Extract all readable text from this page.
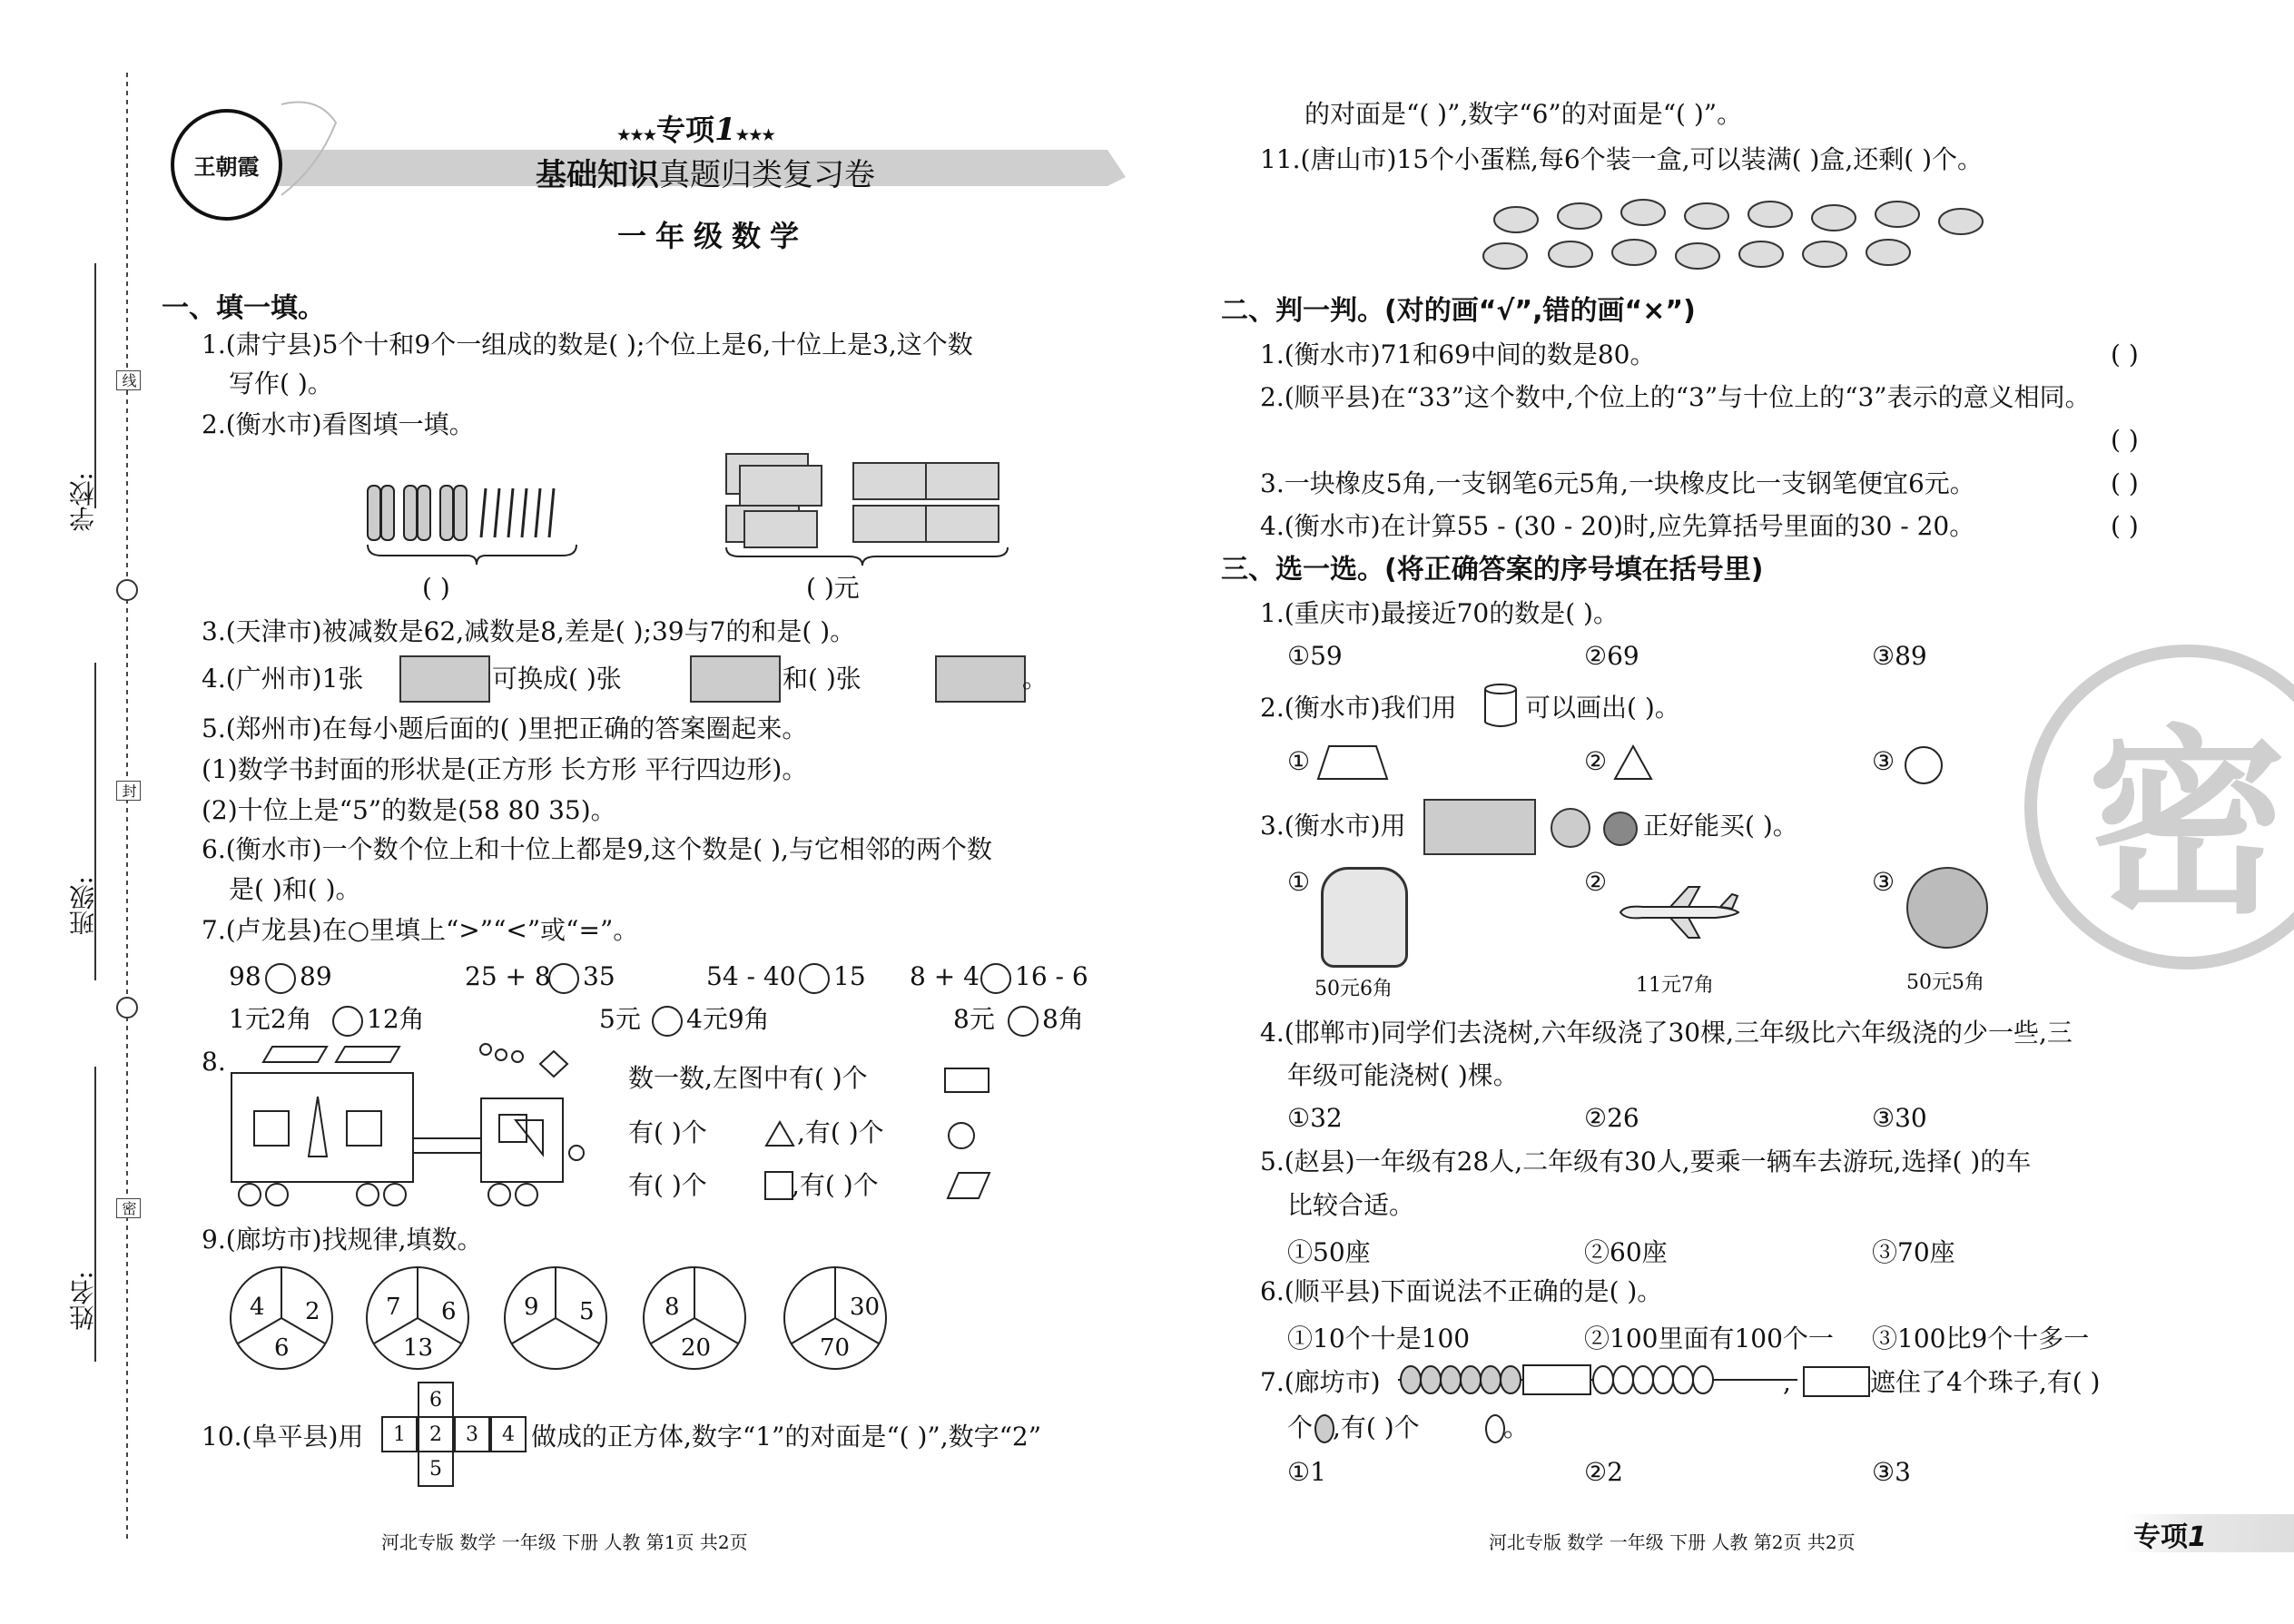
线
封
密
学校:
班级:
姓名:
王朝霞
★★★专项1★★★
基础知识真题归类复习卷
一年级数学
一、填一填。
1.(肃宁县)5个十和9个一组成的数是( );个位上是6,十位上是3,这个数
写作( )。
2.(衡水市)看图填一填。
( )	( )元
3.(天津市)被减数是62,减数是8,差是( );39与7的和是( )。
4.(广州市)1张	可换成( )张	和( )张	。
5.(郑州市)在每小题后面的( )里把正确的答案圈起来。
(1)数学书封面的形状是(正方形 长方形 平行四边形)。
(2)十位上是“5”的数是(58 80 35)。
6.(衡水市)一个数个位上和十位上都是9,这个数是( ),与它相邻的两个数
是( )和( )。
7.(卢龙县)在○里填上“>”“<”或“=”。
98 89	25 + 8 35	54 - 40 15 8 + 4 16 - 6
1元2角 12角	5元 4元9角	8元 8角
8.
数一数,左图中有( )个
有( )个	,有( )个
有( )个	,有( )个
9.(廊坊市)找规律,填数。
4 2
6
7 6
13
9 5	8
20
30
70
10.(阜平县)用
6
1	2	3	4
5
做成的正方体,数字“1”的对面是“( )”,数字“2”
河北专版 数学 一年级 下册 人教 第1页 共2页
的对面是“( )”,数字“6”的对面是“( )”。
11.(唐山市)15个小蛋糕,每6个装一盒,可以装满( )盒,还剩( )个。
二、判一判。(对的画“√”,错的画“×”)
1.(衡水市)71和69中间的数是80。	( )
2.(顺平县)在“33”这个数中,个位上的“3”与十位上的“3”表示的意义相同。
( )
3.一块橡皮5角,一支钢笔6元5角,一块橡皮比一支钢笔便宜6元。	( )
4.(衡水市)在计算55 - (30 - 20)时,应先算括号里面的30 - 20。	( )
三、选一选。(将正确答案的序号填在括号里)
1.(重庆市)最接近70的数是( )。
①59	②69	③89
2.(衡水市)我们用	可以画出( )。
①	②	③
3.(衡水市)用	正好能买( )。
①	②	③
50元6角	11元7角	50元5角
4.(邯郸市)同学们去浇树,六年级浇了30棵,三年级比六年级浇的少一些,三
年级可能浇树( )棵。
①32	②26	③30
5.(赵县)一年级有28人,二年级有30人,要乘一辆车去游玩,选择( )的车
比较合适。
①50座	②60座	③70座
6.(顺平县)下面说法不正确的是( )。
①10个十是100	②100里面有100个一 ③100比9个十多一
7.(廊坊市)	,	遮住了4个珠子,有( )
个 ,有( )个	。
①1	②2	③3
河北专版 数学 一年级 下册 人教 第2页 共2页	专项1
密
